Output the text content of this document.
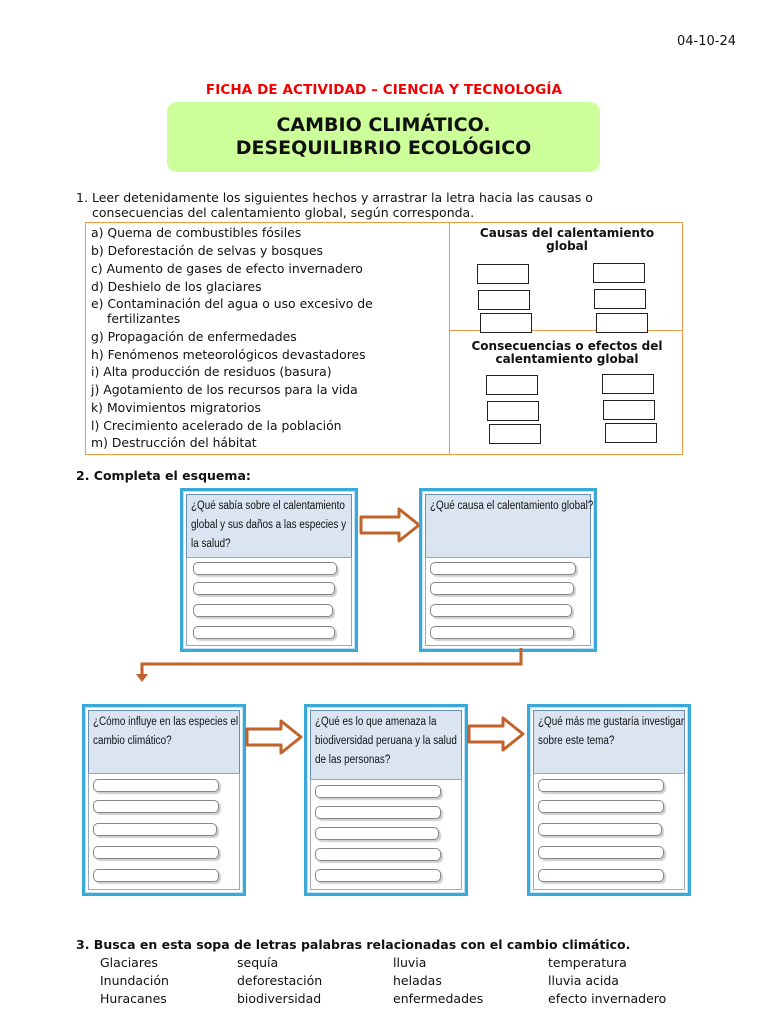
04-10-24
FICHA DE ACTIVIDAD – CIENCIA Y TECNOLOGÍA
CAMBIO CLIMÁTICO.
DESEQUILIBRIO ECOLÓGICO
1. Leer detenidamente los siguientes hechos y arrastrar la letra hacia las causas o consecuencias del calentamiento global, según corresponda.
a) Quema de combustibles fósiles
b) Deforestación de selvas y bosques
c) Aumento de gases de efecto invernadero
d) Deshielo de los glaciares
e) Contaminación del agua o uso excesivo de
fertilizantes
g) Propagación de enfermedades
h) Fenómenos meteorológicos devastadores
i) Alta producción de residuos (basura)
j) Agotamiento de los recursos para la vida
k) Movimientos migratorios
l) Crecimiento acelerado de la población
m) Destrucción del hábitat
Causas del calentamiento
global
Consecuencias o efectos del
calentamiento global
2. Completa el esquema:
¿Qué sabía sobre el calentamiento global y sus daños a las especies y la salud?
¿Qué causa el calentamiento global?
¿Cómo influye en las especies el cambio climático?
¿Qué es lo que amenaza la biodiversidad peruana y la salud de las personas?
¿Qué más me gustaría investigar sobre este tema?
3. Busca en esta sopa de letras palabras relacionadas con el cambio climático.
Glaciares	sequía	lluvia	temperatura
Inundación	deforestación	heladas	lluvia acida
Huracanes	biodiversidad	enfermedades	efecto invernadero
